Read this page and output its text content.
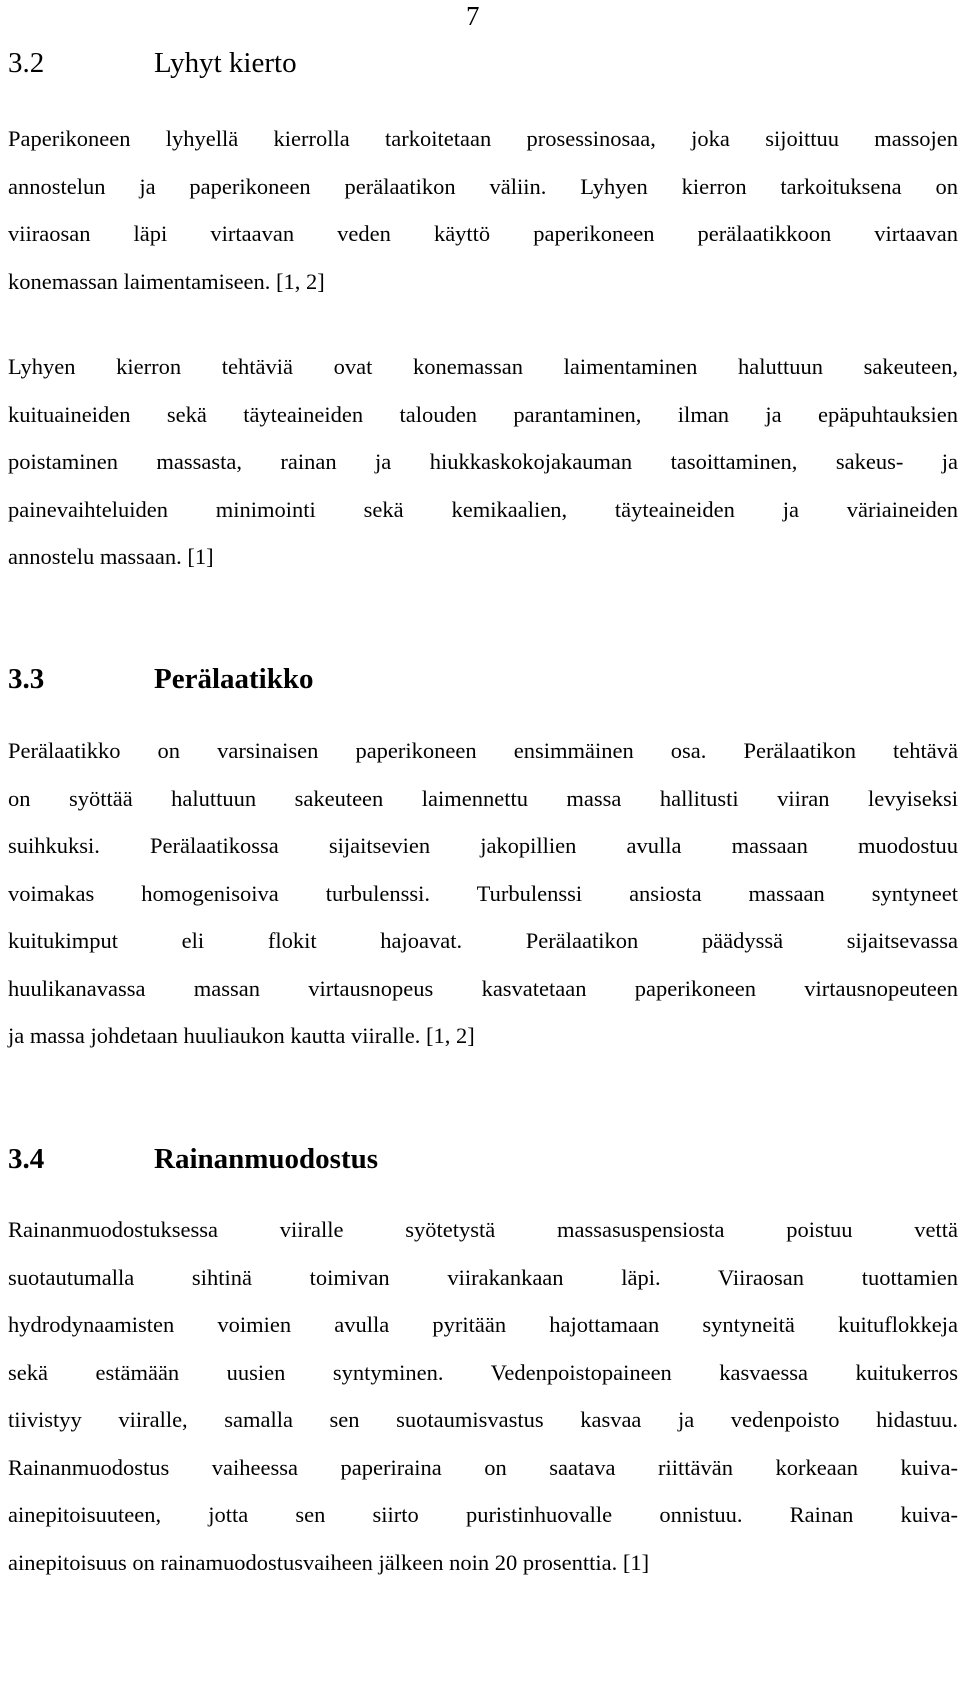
7
3.2	Lyhyt kierto
Paperikoneen lyhyellä kierrolla tarkoitetaan prosessinosaa, joka sijoittuu massojen
annostelun ja paperikoneen perälaatikon väliin. Lyhyen kierron tarkoituksena on
viiraosan läpi virtaavan veden käyttö paperikoneen perälaatikkoon virtaavan
konemassan laimentamiseen. [1, 2]
Lyhyen kierron tehtäviä ovat konemassan laimentaminen haluttuun sakeuteen,
kuituaineiden sekä täyteaineiden talouden parantaminen, ilman ja epäpuhtauksien
poistaminen massasta, rainan ja hiukkaskokojakauman tasoittaminen, sakeus- ja
painevaihteluiden minimointi sekä kemikaalien, täyteaineiden ja väriaineiden
annostelu massaan. [1]
3.3	Perälaatikko
Perälaatikko on varsinaisen paperikoneen ensimmäinen osa. Perälaatikon tehtävä
on syöttää haluttuun sakeuteen laimennettu massa hallitusti viiran levyiseksi
suihkuksi. Perälaatikossa sijaitsevien jakopillien avulla massaan muodostuu
voimakas homogenisoiva turbulenssi. Turbulenssi ansiosta massaan syntyneet
kuitukimput eli flokit hajoavat. Perälaatikon päädyssä sijaitsevassa
huulikanavassa massan virtausnopeus kasvatetaan paperikoneen virtausnopeuteen
ja massa johdetaan huuliaukon kautta viiralle. [1, 2]
3.4	Rainanmuodostus
Rainanmuodostuksessa viiralle syötetystä massasuspensiosta poistuu vettä
suotautumalla sihtinä toimivan viirakankaan läpi. Viiraosan tuottamien
hydrodynaamisten voimien avulla pyritään hajottamaan syntyneitä kuituflokkeja
sekä estämään uusien syntyminen. Vedenpoistopaineen kasvaessa kuitukerros
tiivistyy viiralle, samalla sen suotaumisvastus kasvaa ja vedenpoisto hidastuu.
Rainanmuodostus vaiheessa paperiraina on saatava riittävän korkeaan kuiva-
ainepitoisuuteen, jotta sen siirto puristinhuovalle onnistuu. Rainan kuiva-
ainepitoisuus on rainamuodostusvaiheen jälkeen noin 20 prosenttia. [1]
